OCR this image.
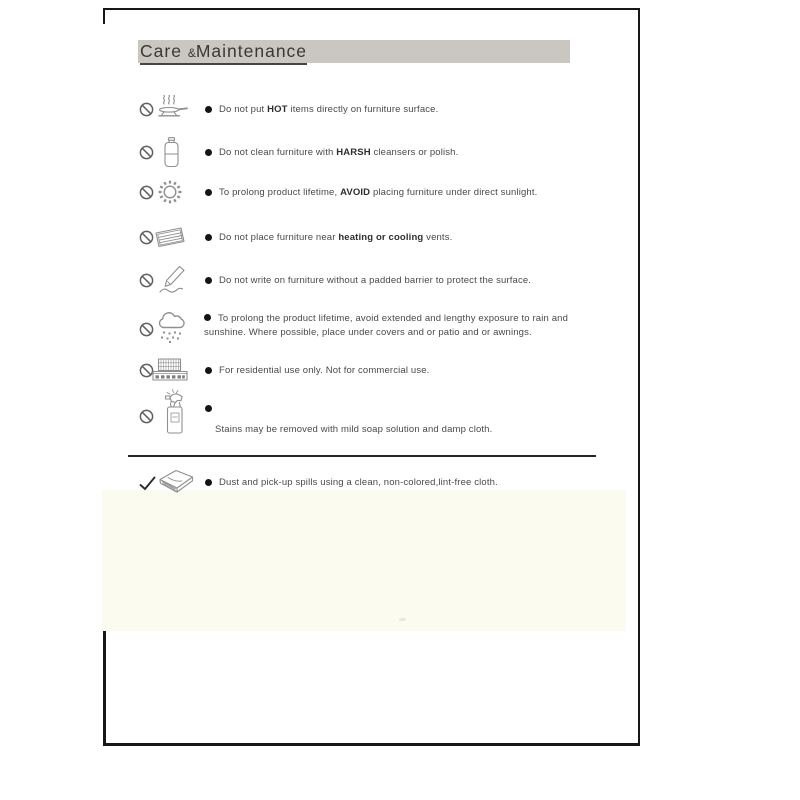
Care &Maintenance

Do not put HOT items directly on furniture surface.

Do not clean furniture with HARSH cleansers or polish.

To prolong product lifetime, AVOID placing furniture under direct sunlight.

Do not place furniture near heating or cooling vents.

Do not write on furniture without a padded barrier to protect the surface.

To prolong the product lifetime, avoid extended and lengthy exposure to rain and sunshine. Where possible, place under covers and or patio and or awnings.

For residential use only. Not for commercial use.

Stains may be removed with mild soap solution and damp cloth.

Dust and pick-up spills using a clean, non-colored,lint-free cloth.
